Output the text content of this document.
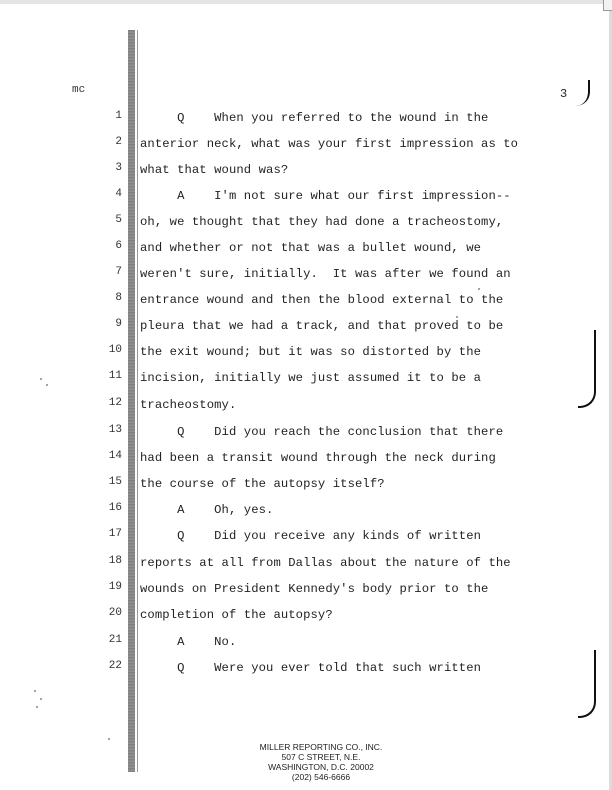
mc	3
1
2
3
4
5
6
7
8
9
10
11
12
13
14
15
16
17
18
19
20
21
22
Q    When you referred to the wound in the
anterior neck, what was your first impression as to
what that wound was?
A    I'm not sure what our first impression--
oh, we thought that they had done a tracheostomy,
and whether or not that was a bullet wound, we
weren't sure, initially.  It was after we found an
entrance wound and then the blood external to the
pleura that we had a track, and that proved to be
the exit wound; but it was so distorted by the
incision, initially we just assumed it to be a
tracheostomy.
Q    Did you reach the conclusion that there
had been a transit wound through the neck during
the course of the autopsy itself?
A    Oh, yes.
Q    Did you receive any kinds of written
reports at all from Dallas about the nature of the
wounds on President Kennedy's body prior to the
completion of the autopsy?
A    No.
Q    Were you ever told that such written
MILLER REPORTING CO., INC.
507 C STREET, N.E.
WASHINGTON, D.C. 20002
(202) 546-6666
